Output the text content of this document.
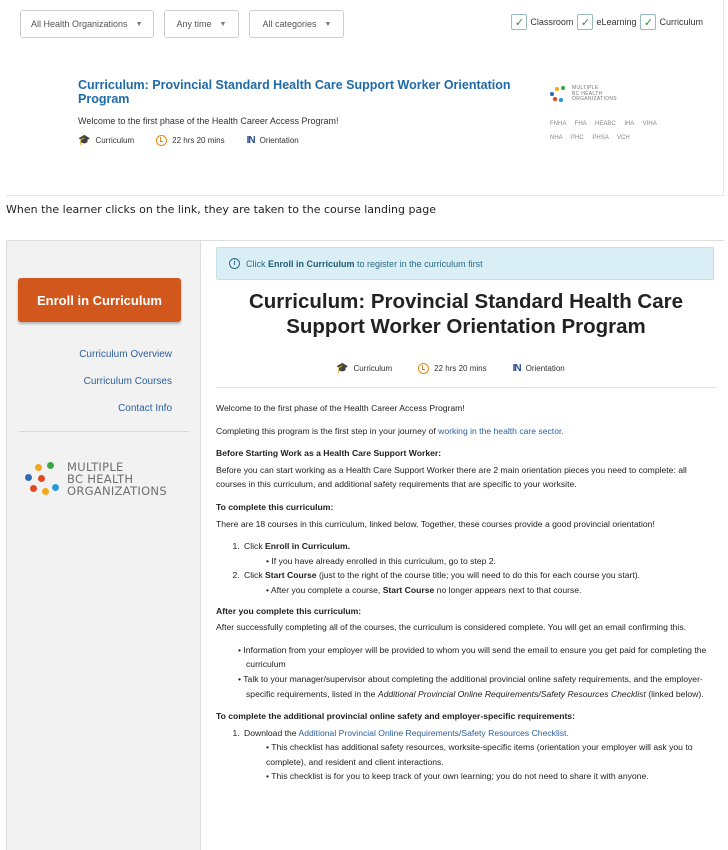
All Health Organizations ▼	Any time ▼	All categories ▼	✓ Classroom ✓ eLearning ✓ Curriculum
Curriculum: Provincial Standard Health Care Support Worker Orientation Program
Welcome to the first phase of the Health Career Access Program!
🎓 Curriculum	22 hrs 20 mins IN Orientation
MULTIPLE
BC HEALTH
ORGANIZATIONS
FNHA FHA HEABC IHA VIHA
NHA PHC PHSA VCH
When the learner clicks on the link, they are taken to the course landing page
Enroll in Curriculum
Curriculum Overview
Curriculum Courses
Contact Info
MULTIPLE
BC HEALTH
ORGANIZATIONS
i	Click Enroll in Curriculum to register in the curriculum first
Curriculum: Provincial Standard Health Care Support Worker Orientation Program
🎓 Curriculum	22 hrs 20 mins	IN Orientation

Welcome to the first phase of the Health Career Access Program!

Completing this program is the first step in your journey of working in the health care sector.

Before Starting Work as a Health Care Support Worker:

Before you can start working as a Health Care Support Worker there are 2 main orientation pieces you need to complete: all courses in this curriculum, and additional safety requirements that are specific to your worksite.

To complete this curriculum:

There are 18 courses in this curriculum, linked below. Together, these courses provide a good provincial orientation!

1. Click Enroll in Curriculum.
• If you have already enrolled in this curriculum, go to step 2.
2. Click Start Course (just to the right of the course title; you will need to do this for each course you start).
• After you complete a course, Start Course no longer appears next to that course.
After you complete this curriculum:

After successfully completing all of the courses, the curriculum is considered complete. You will get an email confirming this.

• Information from your employer will be provided to whom you will send the email to ensure you get paid for completing the curriculum
• Talk to your manager/supervisor about completing the additional provincial online safety requirements, and the employer-specific requirements, listed in the Additional Provincial Online Requirements/Safety Resources Checklist (linked below).
To complete the additional provincial online safety and employer-specific requirements:
1. Download the Additional Provincial Online Requirements/Safety Resources Checklist.
• This checklist has additional safety resources, worksite-specific items (orientation your employer will ask you to complete), and resident and client interactions.
• This checklist is for you to keep track of your own learning; you do not need to share it with anyone.
